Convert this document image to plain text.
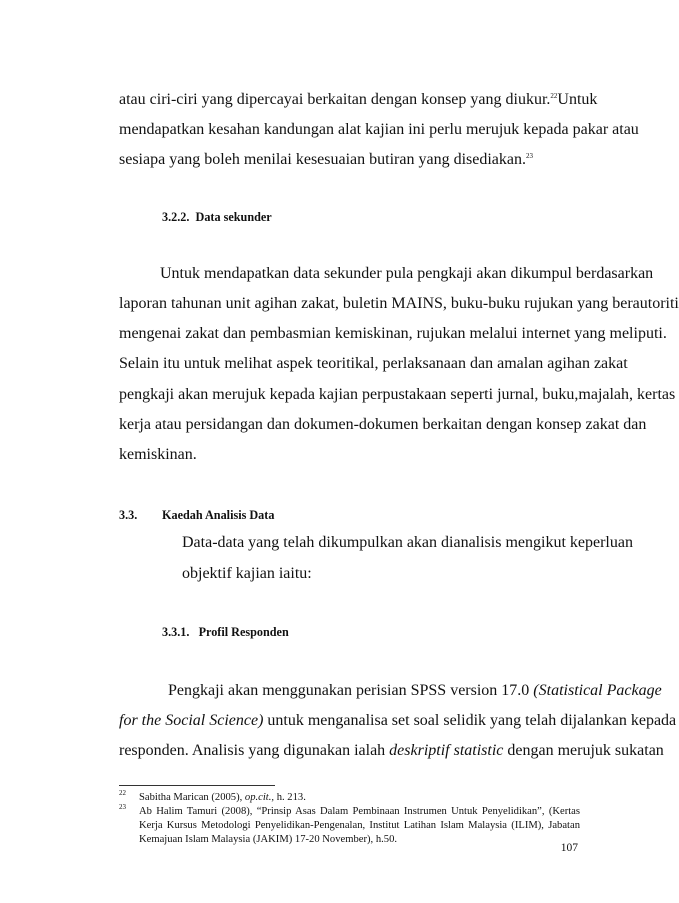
atau ciri-ciri yang dipercayai berkaitan dengan konsep yang diukur.$^{22}$Untuk
mendapatkan kesahan kandungan alat kajian ini perlu merujuk kepada pakar atau
sesiapa yang boleh menilai kesesuaian butiran yang disediakan.$^{23}$
3.2.2. Data sekunder
Untuk mendapatkan data sekunder pula pengkaji akan dikumpul berdasarkan
laporan tahunan unit agihan zakat, buletin MAINS, buku-buku rujukan yang berautoriti
mengenai zakat dan pembasmian kemiskinan, rujukan melalui internet yang meliputi.
Selain itu untuk melihat aspek teoritikal, perlaksanaan dan amalan agihan zakat
pengkaji akan merujuk kepada kajian perpustakaan seperti jurnal, buku,majalah, kertas
kerja atau persidangan dan dokumen-dokumen berkaitan dengan konsep zakat dan
kemiskinan.
3.3. Kaedah Analisis Data
Data-data yang telah dikumpulkan akan dianalisis mengikut keperluan
objektif kajian iaitu:
3.3.1. Profil Responden
Pengkaji akan menggunakan perisian SPSS version 17.0 (Statistical Package
for the Social Science) untuk menganalisa set soal selidik yang telah dijalankan kepada
responden. Analisis yang digunakan ialah deskriptif statistic dengan merujuk sukatan
22 Sabitha Marican (2005), op.cit., h. 213.
23 Ab Halim Tamuri (2008), “Prinsip Asas Dalam Pembinaan Instrumen Untuk Penyelidikan”, (Kertas
Kerja Kursus Metodologi Penyelidikan-Pengenalan, Institut Latihan Islam Malaysia (ILIM), Jabatan
Kemajuan Islam Malaysia (JAKIM) 17-20 November), h.50.
107
